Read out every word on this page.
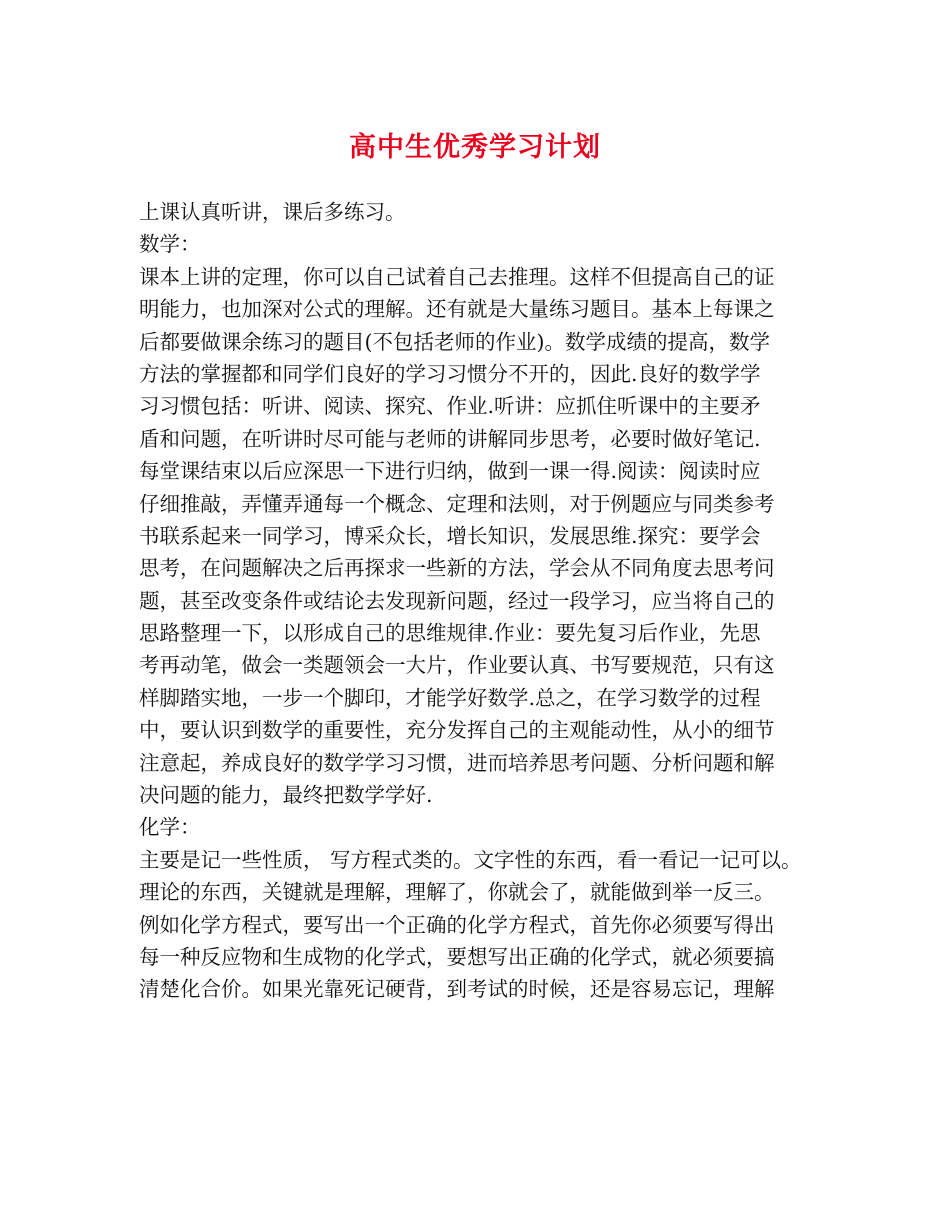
高中生优秀学习计划

上课认真听讲，课后多练习。

数学：

课本上讲的定理，你可以自己试着自己去推理。这样不但提高自己的证

明能力，也加深对公式的理解。还有就是大量练习题目。基本上每课之

后都要做课余练习的题目(不包括老师的作业)。数学成绩的提高，数学

方法的掌握都和同学们良好的学习习惯分不开的，因此.良好的数学学

习习惯包括：听讲、阅读、探究、作业.听讲：应抓住听课中的主要矛

盾和问题，在听讲时尽可能与老师的讲解同步思考，必要时做好笔记.

每堂课结束以后应深思一下进行归纳，做到一课一得.阅读：阅读时应

仔细推敲，弄懂弄通每一个概念、定理和法则，对于例题应与同类参考

书联系起来一同学习，博采众长，增长知识，发展思维.探究：要学会

思考，在问题解决之后再探求一些新的方法，学会从不同角度去思考问

题，甚至改变条件或结论去发现新问题，经过一段学习，应当将自己的

思路整理一下，以形成自己的思维规律.作业：要先复习后作业，先思

考再动笔，做会一类题领会一大片，作业要认真、书写要规范，只有这

样脚踏实地，一步一个脚印，才能学好数学.总之，在学习数学的过程

中，要认识到数学的重要性，充分发挥自己的主观能动性，从小的细节

注意起，养成良好的数学学习习惯，进而培养思考问题、分析问题和解

决问题的能力，最终把数学学好.

化学：

主要是记一些性质， 写方程式类的。文字性的东西，看一看记一记可以。

理论的东西，关键就是理解，理解了，你就会了，就能做到举一反三。

例如化学方程式，要写出一个正确的化学方程式，首先你必须要写得出

每一种反应物和生成物的化学式，要想写出正确的化学式，就必须要搞

清楚化合价。如果光靠死记硬背，到考试的时候，还是容易忘记，理解
